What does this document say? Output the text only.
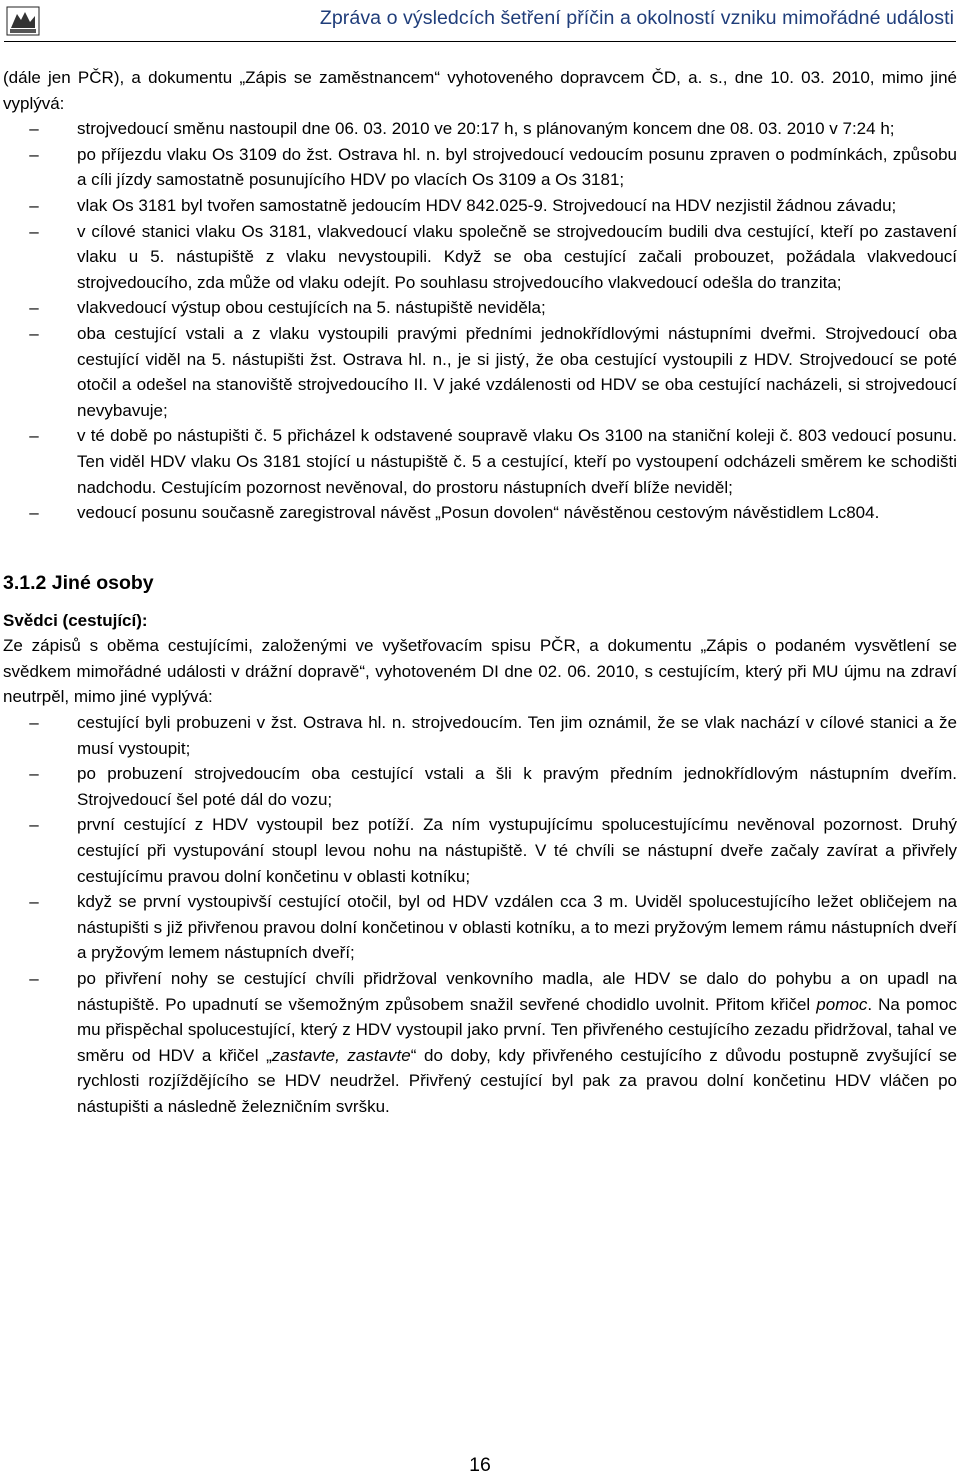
Zpráva o výsledcích šetření příčin a okolností vzniku mimořádné události

(dále jen PČR), a dokumentu „Zápis se zaměstnancem“ vyhotoveného dopravcem ČD, a. s., dne 10. 03. 2010, mimo jiné vyplývá:

– strojvedoucí směnu nastoupil dne 06. 03. 2010 ve 20:17 h, s plánovaným koncem dne 08. 03. 2010 v 7:24 h;
– po příjezdu vlaku Os 3109 do žst. Ostrava hl. n. byl strojvedoucí vedoucím posunu zpraven o podmínkách, způsobu a cíli jízdy samostatně posunujícího HDV po vlacích Os 3109 a Os 3181;
– vlak Os 3181 byl tvořen samostatně jedoucím HDV 842.025-9. Strojvedoucí na HDV nezjistil žádnou závadu;
– v cílové stanici vlaku Os 3181, vlakvedoucí vlaku společně se strojvedoucím budili dva cestující, kteří po zastavení vlaku u 5. nástupiště z vlaku nevystoupili. Když se oba cestující začali probouzet, požádala vlakvedoucí strojvedoucího, zda může od vlaku odejít. Po souhlasu strojvedoucího vlakvedoucí odešla do tranzita;
– vlakvedoucí výstup obou cestujících na 5. nástupiště neviděla;
– oba cestující vstali a z vlaku vystoupili pravými předními jednokřídlovými nástupními dveřmi. Strojvedoucí oba cestující viděl na 5. nástupišti žst. Ostrava hl. n., je si jistý, že oba cestující vystoupili z HDV. Strojvedoucí se poté otočil a odešel na stanoviště strojvedoucího II. V jaké vzdálenosti od HDV se oba cestující nacházeli, si strojvedoucí nevybavuje;
– v té době po nástupišti č. 5 přicházel k odstavené soupravě vlaku Os 3100 na staniční koleji č. 803 vedoucí posunu. Ten viděl HDV vlaku Os 3181 stojící u nástupiště č. 5 a cestující, kteří po vystoupení odcházeli směrem ke schodišti nadchodu. Cestujícím pozornost nevěnoval, do prostoru nástupních dveří blíže neviděl;
– vedoucí posunu současně zaregistroval návěst „Posun dovolen“ návěstěnou cestovým návěstidlem Lc804.
3.1.2 Jiné osoby

Svědci (cestující):

Ze zápisů s oběma cestujícími, založenými ve vyšetřovacím spisu PČR, a dokumentu „Zápis o podaném vysvětlení se svědkem mimořádné události v drážní dopravě“, vyhotoveném DI dne 02. 06. 2010, s cestujícím, který při MU újmu na zdraví neutrpěl, mimo jiné vyplývá:

– cestující byli probuzeni v žst. Ostrava hl. n. strojvedoucím. Ten jim oznámil, že se vlak nachází v cílové stanici a že musí vystoupit;
– po probuzení strojvedoucím oba cestující vstali a šli k pravým předním jednokřídlovým nástupním dveřím. Strojvedoucí šel poté dál do vozu;
– první cestující z HDV vystoupil bez potíží. Za ním vystupujícímu spolucestujícímu nevěnoval pozornost. Druhý cestující při vystupování stoupl levou nohu na nástupiště. V té chvíli se nástupní dveře začaly zavírat a přivřely cestujícímu pravou dolní končetinu v oblasti kotníku;
– když se první vystoupivší cestující otočil, byl od HDV vzdálen cca 3 m. Uviděl spolucestujícího ležet obličejem na nástupišti s již přivřenou pravou dolní končetinou v oblasti kotníku, a to mezi pryžovým lemem rámu nástupních dveří a pryžovým lemem nástupních dveří;
– po přivření nohy se cestující chvíli přidržoval venkovního madla, ale HDV se dalo do pohybu a on upadl na nástupiště. Po upadnutí se všemožným způsobem snažil sevřené chodidlo uvolnit. Přitom křičel pomoc. Na pomoc mu přispěchal spolucestující, který z HDV vystoupil jako první. Ten přivřeného cestujícího zezadu přidržoval, tahal ve směru od HDV a křičel „zastavte, zastavte“ do doby, kdy přivřeného cestujícího z důvodu postupně zvyšující se rychlosti rozjíždějícího se HDV neudržel. Přivřený cestující byl pak za pravou dolní končetinu HDV vláčen po nástupišti a následně železničním svršku.
16
